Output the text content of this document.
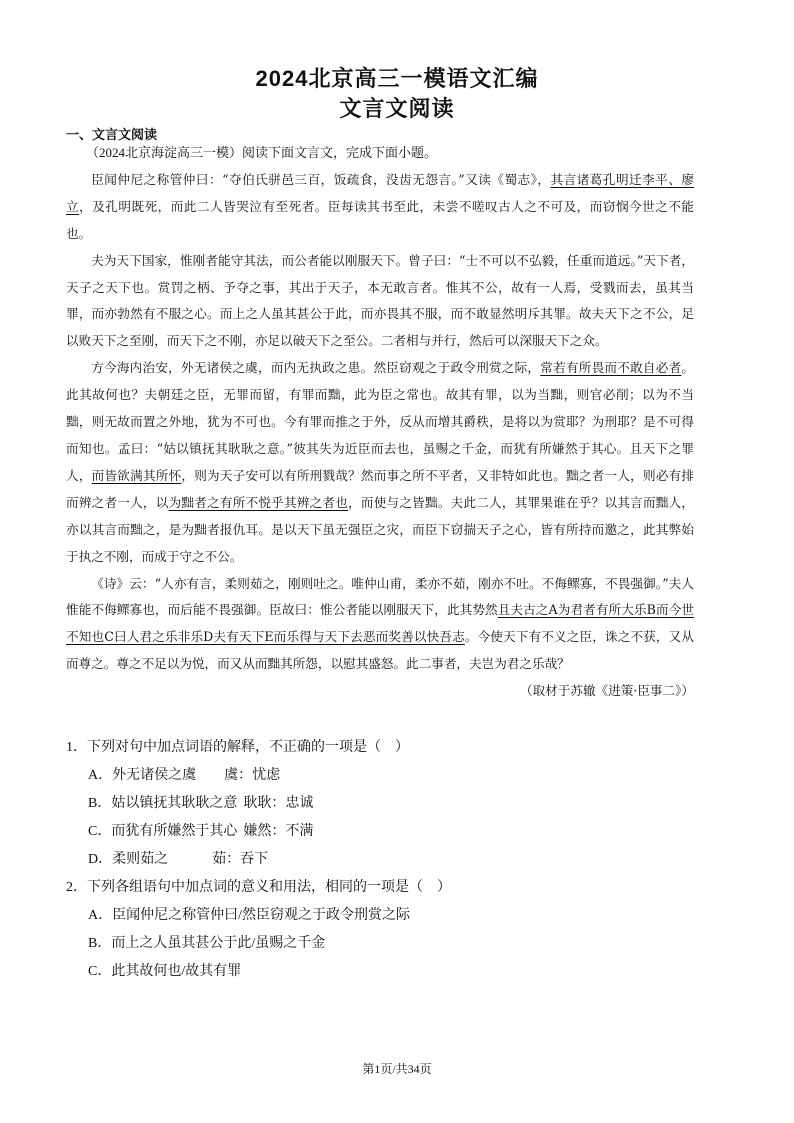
2024北京高三一模语文汇编
文言文阅读
一、文言文阅读

（2024北京海淀高三一模）阅读下面文言文，完成下面小题。

臣闻仲尼之称管仲曰：“夺伯氏骈邑三百，饭疏食，没齿无怨言。”又读《蜀志》，其言诸葛孔明迁李平、廖立，及孔明既死，而此二人皆哭泣有至死者。臣每读其书至此，未尝不嗟叹古人之不可及，而窃悯今世之不能也。

夫为天下国家，惟刚者能守其法，而公者能以刚服天下。曾子曰：“士不可以不弘毅，任重而道远。”天下者，天子之天下也。赏罚之柄、予夺之事，其出于天子，本无敢言者。惟其不公，故有一人焉，受戮而去，虽其当罪，而亦勃然有不服之心。而上之人虽其甚公于此，而亦畏其不服，而不敢显然明斥其罪。故夫天下之不公，足以败天下之至刚，而天下之不刚，亦足以破天下之至公。二者相与并行，然后可以深服天下之众。

方今海内治安，外无诸侯之虞，而内无执政之患。然臣窃观之于政令刑赏之际，常若有所畏而不敢自必者。此其故何也？夫朝廷之臣，无罪而留，有罪而黜，此为臣之常也。故其有罪，以为当黜，则官必削；以为不当黜，则无故而置之外地，犹为不可也。今有罪而推之于外，反从而增其爵秩，是将以为赏耶？为刑耶？是不可得而知也。孟曰：“姑以镇抚其耿耿之意。”彼其失为近臣而去也，虽赐之千金，而犹有所嫌然于其心。且天下之罪人，而皆欲满其所怀，则为天子安可以有所刑戮哉？然而事之所不平者，又非特如此也。黜之者一人，则必有排而辨之者一人，以为黜者之有所不悦乎其辨之者也，而使与之皆黜。夫此二人，其罪果谁在乎？以其言而黜人，亦以其言而黜之，是为黜者报仇耳。是以天下虽无强臣之灾，而臣下窃揣天子之心，皆有所持而邀之，此其弊始于执之不刚，而成于守之不公。

《诗》云：“人亦有言，柔则茹之，刚则吐之。唯仲山甫，柔亦不茹，刚亦不吐。不侮鳏寡，不畏强御。”夫人惟能不侮鳏寡也，而后能不畏强御。臣故曰：惟公者能以刚服天下，此其势然且夫古之A为君者有所大乐B而今世不知也C曰人君之乐非乐D夫有天下E而乐得与天下去恶而奖善以快吾志。今使天下有不义之臣，诛之不获，又从而尊之。尊之不足以为悦，而又从而黜其所怨，以慰其盛怒。此二事者，夫岂为君之乐哉？

（取材于苏辙《进策·臣事二》）

1．下列对句中加点词语的解释，不正确的一项是（　）
A．外无诸侯之虞 虞：忧虑
B．姑以镇抚其耿耿之意 耿耿：忠诚
C．而犹有所嫌然于其心 嫌然：不满
D．柔则茹之	茹：吞下
2．下列各组语句中加点词的意义和用法，相同的一项是（　）
A．臣闻仲尼之称管仲曰/然臣窃观之于政令刑赏之际
B．而上之人虽其甚公于此/虽赐之千金
C．此其故何也/故其有罪
第1页/共34页
